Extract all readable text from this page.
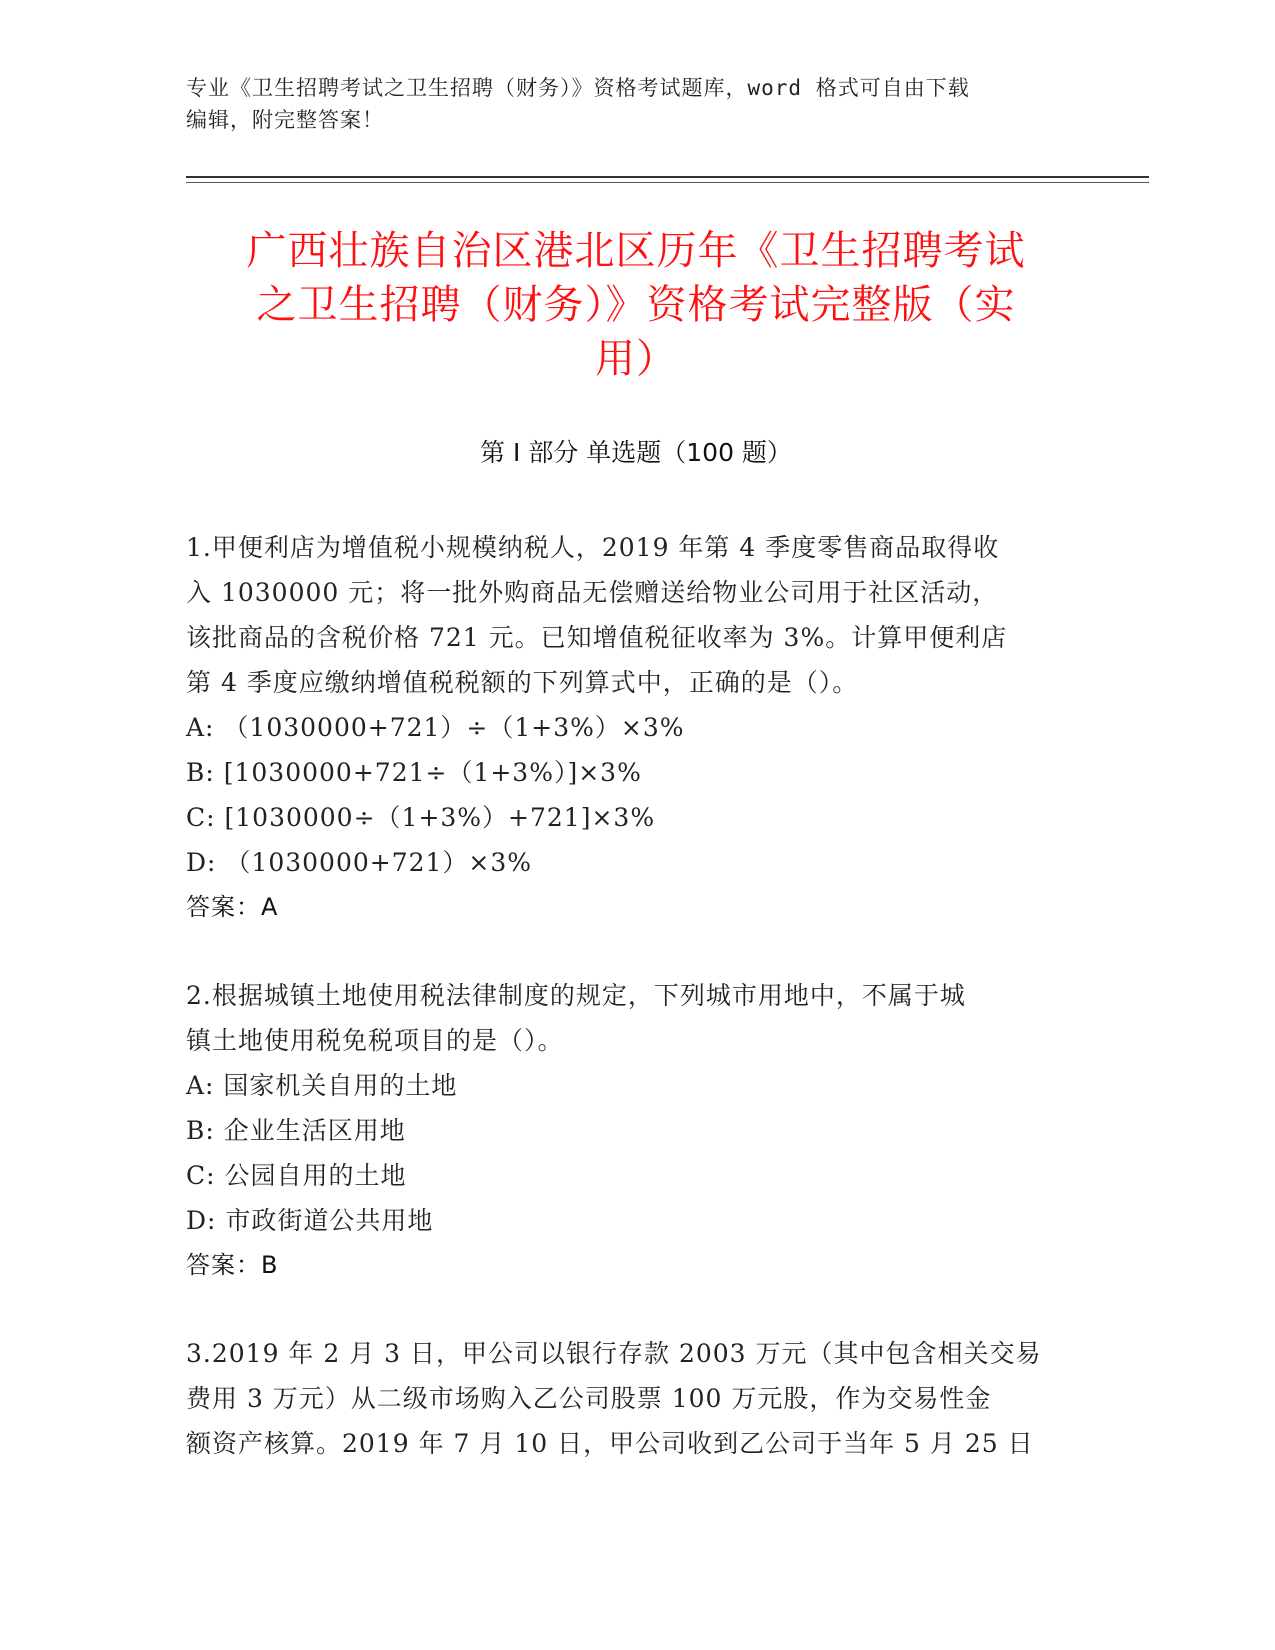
专业《卫生招聘考试之卫生招聘（财务）》资格考试题库，word 格式可自由下载
编辑，附完整答案！
广西壮族自治区港北区历年《卫生招聘考试
之卫生招聘（财务）》资格考试完整版（实
用）
第 I 部分 单选题（100 题）

1.甲便利店为增值税小规模纳税人，2019 年第 4 季度零售商品取得收

入 1030000 元；将一批外购商品无偿赠送给物业公司用于社区活动，

该批商品的含税价格 721 元。已知增值税征收率为 3%。计算甲便利店

第 4 季度应缴纳增值税税额的下列算式中，正确的是（）。

A: （1030000+721）÷（1+3%）×3%

B: [1030000+721÷（1+3%）]×3%

C: [1030000÷（1+3%）+721]×3%

D: （1030000+721）×3%

答案：A

2.根据城镇土地使用税法律制度的规定，下列城市用地中，不属于城

镇土地使用税免税项目的是（）。

A: 国家机关自用的土地

B: 企业生活区用地

C: 公园自用的土地

D: 市政街道公共用地

答案：B

3.2019 年 2 月 3 日，甲公司以银行存款 2003 万元（其中包含相关交易

费用 3 万元）从二级市场购入乙公司股票 100 万元股，作为交易性金

额资产核算。2019 年 7 月 10 日，甲公司收到乙公司于当年 5 月 25 日
